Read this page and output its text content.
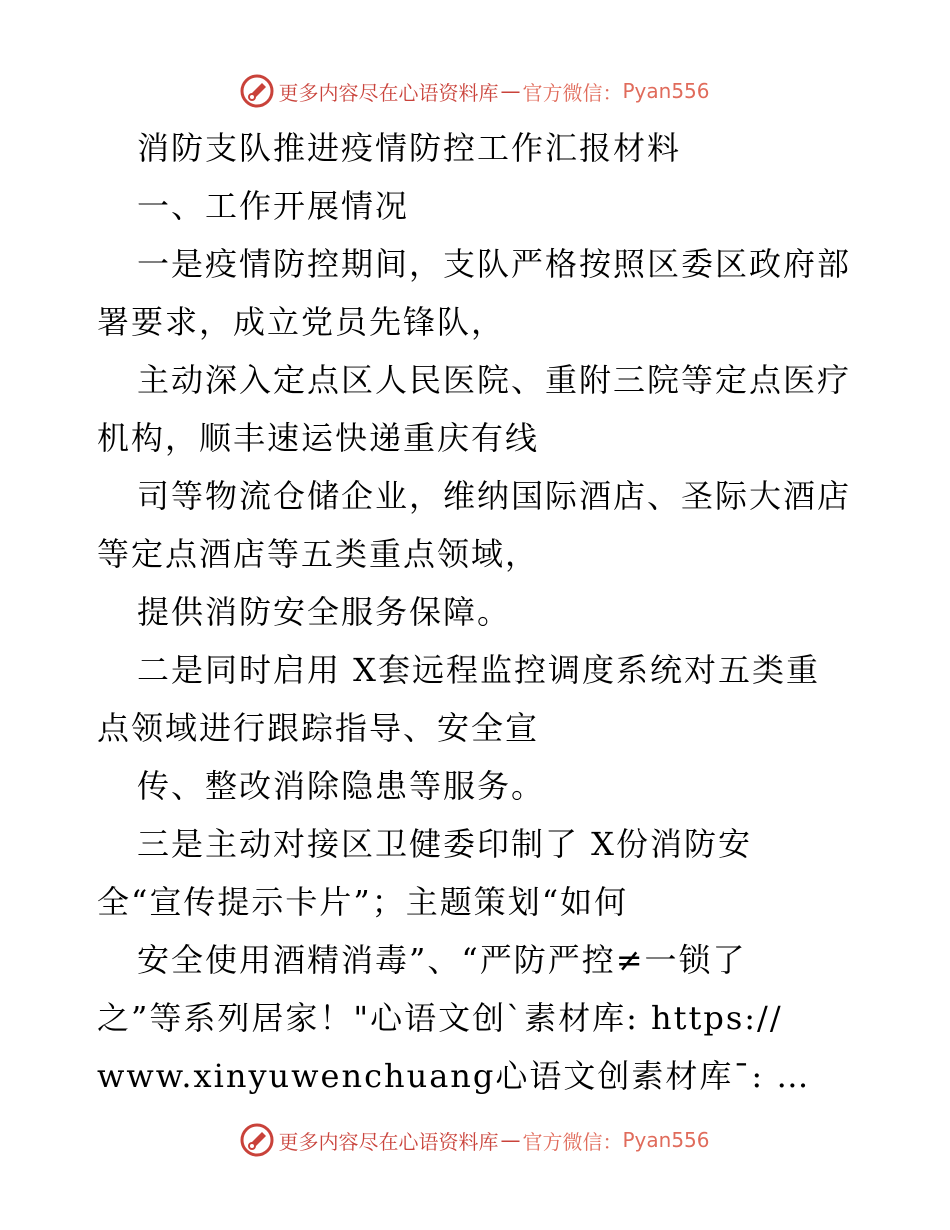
更多内容尽在心语资料库 — 官方微信： Pyan556
消防支队推进疫情防控工作汇报材料
一、工作开展情况
一是疫情防控期间，支队严格按照区委区政府部
署要求，成立党员先锋队，
主动深入定点区人民医院、重附三院等定点医疗
机构，顺丰速运快递重庆有线
司等物流仓储企业，维纳国际酒店、圣际大酒店
等定点酒店等五类重点领域，
提供消防安全服务保障。
二是同时启用 X套远程监控调度系统对五类重
点领域进行跟踪指导、安全宣
传、整改消除隐患等服务。
三是主动对接区卫健委印制了 X份消防安
全“宣传提示卡片”；主题策划“如何
安全使用酒精消毒”、“严防严控≠一锁了
之”等系列居家！"心语文创`素材库: https://
www.xinyuwenchuang心语文创素材库¯: …
更多内容尽在心语资料库 — 官方微信： Pyan556
